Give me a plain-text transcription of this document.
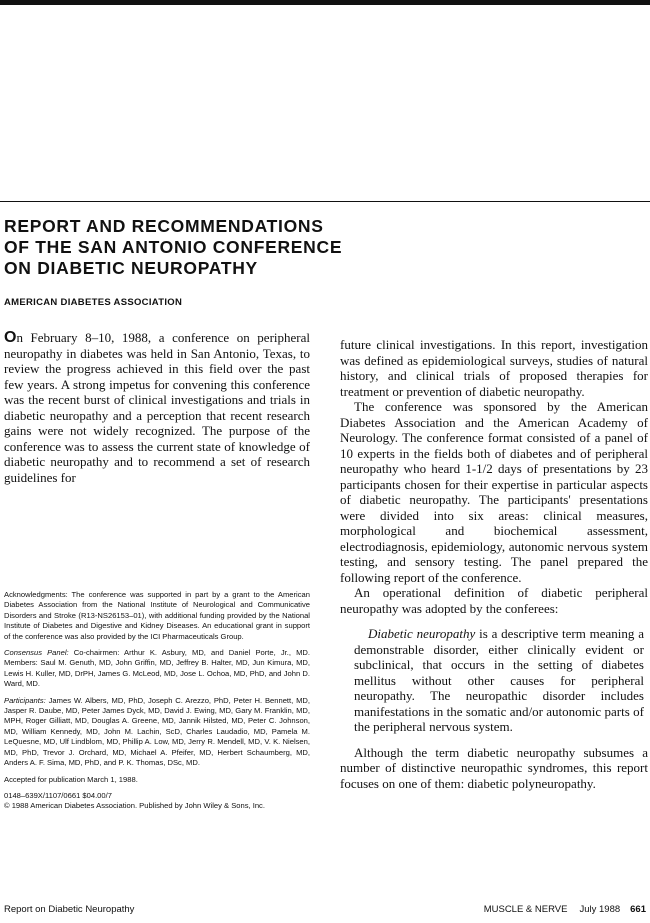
REPORT AND RECOMMENDATIONS
OF THE SAN ANTONIO CONFERENCE
ON DIABETIC NEUROPATHY
AMERICAN DIABETES ASSOCIATION

On February 8–10, 1988, a conference on peripheral neuropathy in diabetes was held in San Antonio, Texas, to review the progress achieved in this field over the past few years. A strong impetus for convening this conference was the recent burst of clinical investigations and trials in diabetic neuropathy and a perception that recent research gains were not widely recognized. The purpose of the conference was to assess the current state of knowledge of diabetic neuropathy and to recommend a set of research guidelines for

Acknowledgments: The conference was supported in part by a grant to the American Diabetes Association from the National Institute of Neurological and Communicative Disorders and Stroke (R13-NS26153–01), with additional funding provided by the National Institute of Diabetes and Digestive and Kidney Diseases. An educational grant in support of the conference was also provided by the ICI Pharmaceuticals Group.

Consensus Panel: Co-chairmen: Arthur K. Asbury, MD, and Daniel Porte, Jr., MD. Members: Saul M. Genuth, MD, John Griffin, MD, Jeffrey B. Halter, MD, Jun Kimura, MD, Lewis H. Kuller, MD, DrPH, James G. McLeod, MD, Jose L. Ochoa, MD, PhD, and John D. Ward, MD.

Participants: James W. Albers, MD, PhD, Joseph C. Arezzo, PhD, Peter H. Bennett, MD, Jasper R. Daube, MD, Peter James Dyck, MD, David J. Ewing, MD, Gary M. Franklin, MD, MPH, Roger Gilliatt, MD, Douglas A. Greene, MD, Jannik Hilsted, MD, Peter C. Johnson, MD, William Kennedy, MD, John M. Lachin, ScD, Charles Laudadio, MD, Pamela M. LeQuesne, MD, Ulf Lindblom, MD, Phillip A. Low, MD, Jerry R. Mendell, MD, V. K. Nielsen, MD, PhD, Trevor J. Orchard, MD, Michael A. Pfeifer, MD, Herbert Schaumberg, MD, Anders A. F. Sima, MD, PhD, and P. K. Thomas, DSc, MD.

Accepted for publication March 1, 1988.

0148–639X/1107/0661 $04.00/7

© 1988 American Diabetes Association. Published by John Wiley & Sons, Inc.

future clinical investigations. In this report, investigation was defined as epidemiological surveys, studies of natural history, and clinical trials of proposed therapies for treatment or prevention of diabetic neuropathy.

The conference was sponsored by the American Diabetes Association and the American Academy of Neurology. The conference format consisted of a panel of 10 experts in the fields both of diabetes and of peripheral neuropathy who heard 1-1/2 days of presentations by 23 participants chosen for their expertise in particular aspects of diabetic neuropathy. The participants' presentations were divided into six areas: clinical measures, morphological and biochemical assessment, electrodiagnosis, epidemiology, autonomic nervous system testing, and sensory testing. The panel prepared the following report of the conference.

An operational definition of diabetic peripheral neuropathy was adopted by the conferees:

Diabetic neuropathy is a descriptive term meaning a demonstrable disorder, either clinically evident or subclinical, that occurs in the setting of diabetes mellitus without other causes for peripheral neuropathy. The neuropathic disorder includes manifestations in the somatic and/or autonomic parts of the peripheral nervous system.

Although the term diabetic neuropathy subsumes a number of distinctive neuropathic syndromes, this report focuses on one of them: diabetic polyneuropathy.

Report on Diabetic Neuropathy	MUSCLE & NERVE July 1988 661
